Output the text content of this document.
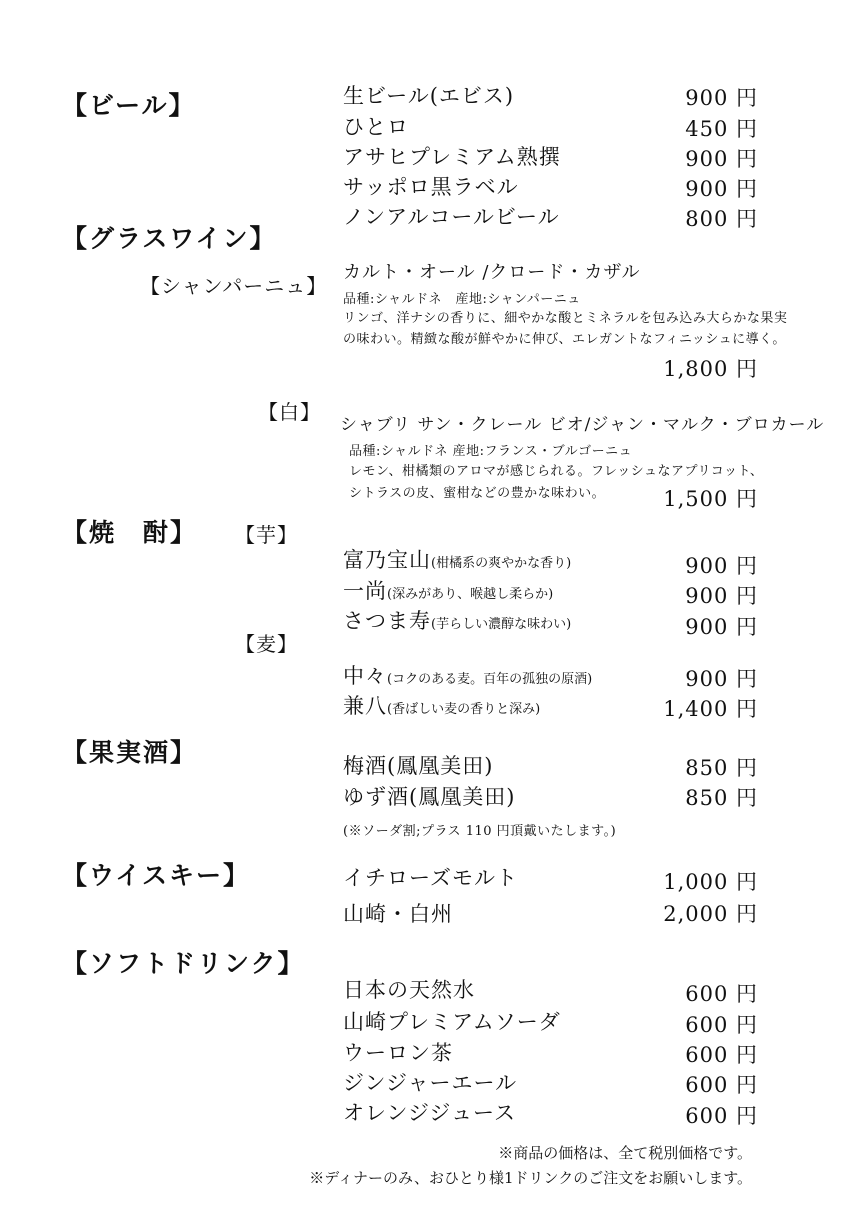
【ビール】	生ビール(エビス)	900 円
ひとロ	450 円
アサヒプレミアム熟撰	900 円
サッポロ黒ラベル	900 円
ノンアルコールビール	800 円
【グラスワイン】
【シャンパーニュ】
カルト・オール /クロード・カザル
品種:シャルドネ　産地:シャンパーニュ
リンゴ、洋ナシの香りに、細やかな酸とミネラルを包み込み大らかな果実
の味わい。精緻な酸が鮮やかに伸び、エレガントなフィニッシュに導く。
1,800 円
【白】
シャブリ サン・クレール ビオ/ジャン・マルク・ブロカール
品種:シャルドネ 産地:フランス・ブルゴーニュ
レモン、柑橘類のアロマが感じられる。フレッシュなアプリコット、
シトラスの皮、蜜柑などの豊かな味わい。	1,500 円
【焼　酎】 【芋】
富乃宝山(柑橘系の爽やかな香り)	900 円
一尚(深みがあり、喉越し柔らか)	900 円
さつま寿(芋らしい濃醇な味わい)	900 円
【麦】
中々(コクのある麦。百年の孤独の原酒)	900 円
兼八(香ばしい麦の香りと深み)	1,400 円
【果実酒】	梅酒(鳳凰美田)	850 円
ゆず酒(鳳凰美田)	850 円
(※ソーダ割;プラス 110 円頂戴いたします。)
【ウイスキー】	イチローズモルト	1,000 円
山崎・白州	2,000 円
【ソフトドリンク】
日本の天然水	600 円
山崎プレミアムソーダ	600 円
ウーロン茶	600 円
ジンジャーエール	600 円
オレンジジュース	600 円
※商品の価格は、全て税別価格です。
※ディナーのみ、おひとり様1ドリンクのご注文をお願いします。
